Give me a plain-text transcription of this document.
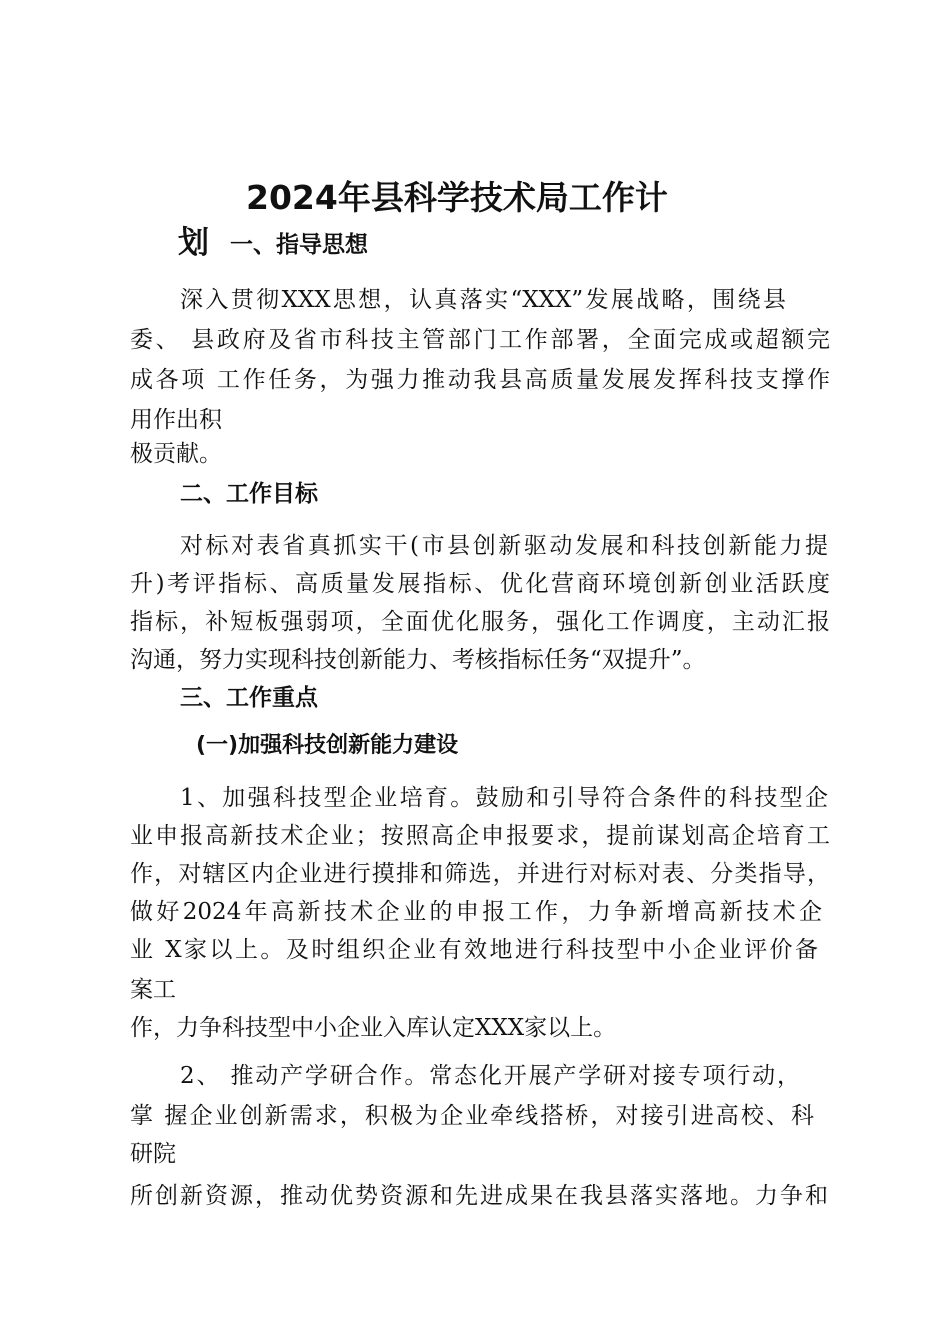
2024年县科学技术局工作计
划 一、指导思想
深入贯彻XXX思想，认真落实“XXX”发展战略，围绕县
委、 县政府及省市科技主管部门工作部署，全面完成或超额完
成各项 工作任务，为强力推动我县高质量发展发挥科技支撑作
用作出积
极贡献。
二、工作目标
对标对表省真抓实干(市县创新驱动发展和科技创新能力提
升)考评指标、高质量发展指标、优化营商环境创新创业活跃度
指标，补短板强弱项，全面优化服务，强化工作调度，主动汇报
沟通，努力实现科技创新能力、考核指标任务“双提升”。
三、工作重点
(一)加强科技创新能力建设
1、加强科技型企业培育。鼓励和引导符合条件的科技型企
业申报高新技术企业；按照高企申报要求，提前谋划高企培育工
作，对辖区内企业进行摸排和筛选，并进行对标对表、分类指导，
做好2024年高新技术企业的申报工作，力争新增高新技术企
业 X家以上。及时组织企业有效地进行科技型中小企业评价备
案工
作，力争科技型中小企业入库认定XXX家以上。
2、 推动产学研合作。常态化开展产学研对接专项行动，
掌 握企业创新需求，积极为企业牵线搭桥，对接引进高校、科
研院
所创新资源，推动优势资源和先进成果在我县落实落地。力争和
